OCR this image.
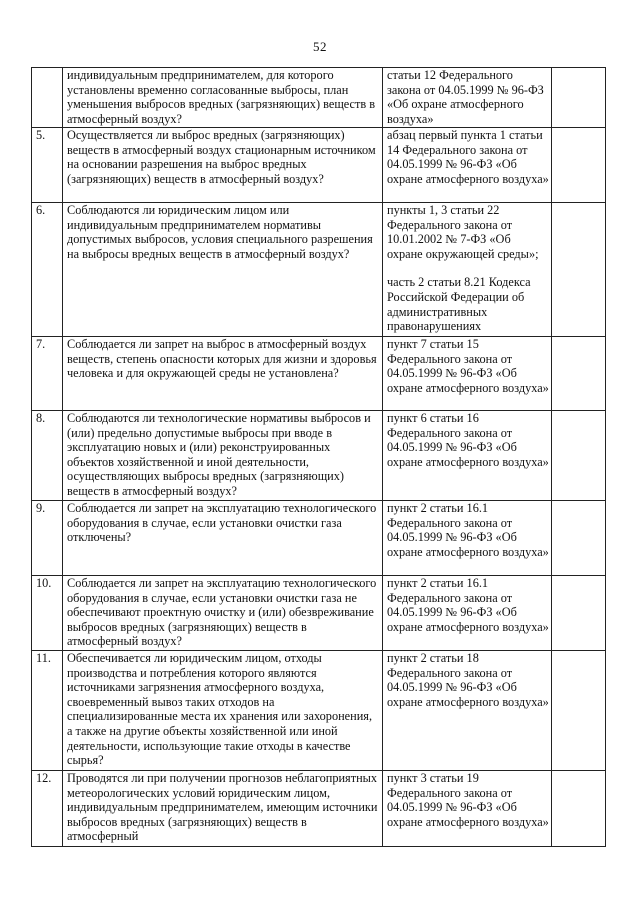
52
	индивидуальным предпринимателем, для которого установлены временно согласованные выбросы, план уменьшения выбросов вредных (загрязняющих) веществ в атмосферный воздух?	статьи 12 Федерального закона от 04.05.1999 № 96-ФЗ «Об охране атмосферного воздуха»	

5.	Осуществляется ли выброс вредных (загрязняющих) веществ в атмосферный воздух стационарным источником на основании разрешения на выброс вредных (загрязняющих) веществ в атмосферный воздух?	абзац первый пункта 1 статьи 14 Федерального закона от 04.05.1999 № 96-ФЗ «Об охране атмосферного воздуха»	

6.	Соблюдаются ли юридическим лицом или индивидуальным предпринимателем нормативы допустимых выбросов, условия специального разрешения на выбросы вредных веществ в атмосферный воздух?	пункты 1, 3 статьи 22 Федерального закона от 10.01.2002 № 7-ФЗ «Об охране окружающей среды»;
часть 2 статьи 8.21 Кодекса Российской Федерации об административных правонарушениях	

7.	Соблюдается ли запрет на выброс в атмосферный воздух веществ, степень опасности которых для жизни и здоровья человека и для окружающей среды не установлена?	пункт 7 статьи 15 Федерального закона от 04.05.1999 № 96-ФЗ «Об охране атмосферного воздуха»	

8.	Соблюдаются ли технологические нормативы выбросов и (или) предельно допустимые выбросы при вводе в эксплуатацию новых и (или) реконструированных объектов хозяйственной и иной деятельности, осуществляющих выбросы вредных (загрязняющих) веществ в атмосферный воздух?	пункт 6 статьи 16 Федерального закона от 04.05.1999 № 96-ФЗ «Об охране атмосферного воздуха»	

9.	Соблюдается ли запрет на эксплуатацию технологического оборудования в случае, если установки очистки газа отключены?	пункт 2 статьи 16.1 Федерального закона от 04.05.1999 № 96-ФЗ «Об охране атмосферного воздуха»	

10.	Соблюдается ли запрет на эксплуатацию технологического оборудования в случае, если установки очистки газа не обеспечивают проектную очистку и (или) обезвреживание выбросов вредных (загрязняющих) веществ в атмосферный воздух?	пункт 2 статьи 16.1 Федерального закона от 04.05.1999 № 96-ФЗ «Об охране атмосферного воздуха»	

11.	Обеспечивается ли юридическим лицом, отходы производства и потребления которого являются источниками загрязнения атмосферного воздуха, своевременный вывоз таких отходов на специализированные места их хранения или захоронения, а также на другие объекты хозяйственной или иной деятельности, использующие такие отходы в качестве сырья?	пункт 2 статьи 18 Федерального закона от 04.05.1999 № 96-ФЗ «Об охране атмосферного воздуха»	

12.	Проводятся ли при получении прогнозов неблагоприятных метеорологических условий юридическим лицом, индивидуальным предпринимателем, имеющим источники выбросов вредных (загрязняющих) веществ в атмосферный	пункт 3 статьи 19 Федерального закона от 04.05.1999 № 96-ФЗ «Об охране атмосферного воздуха»	
